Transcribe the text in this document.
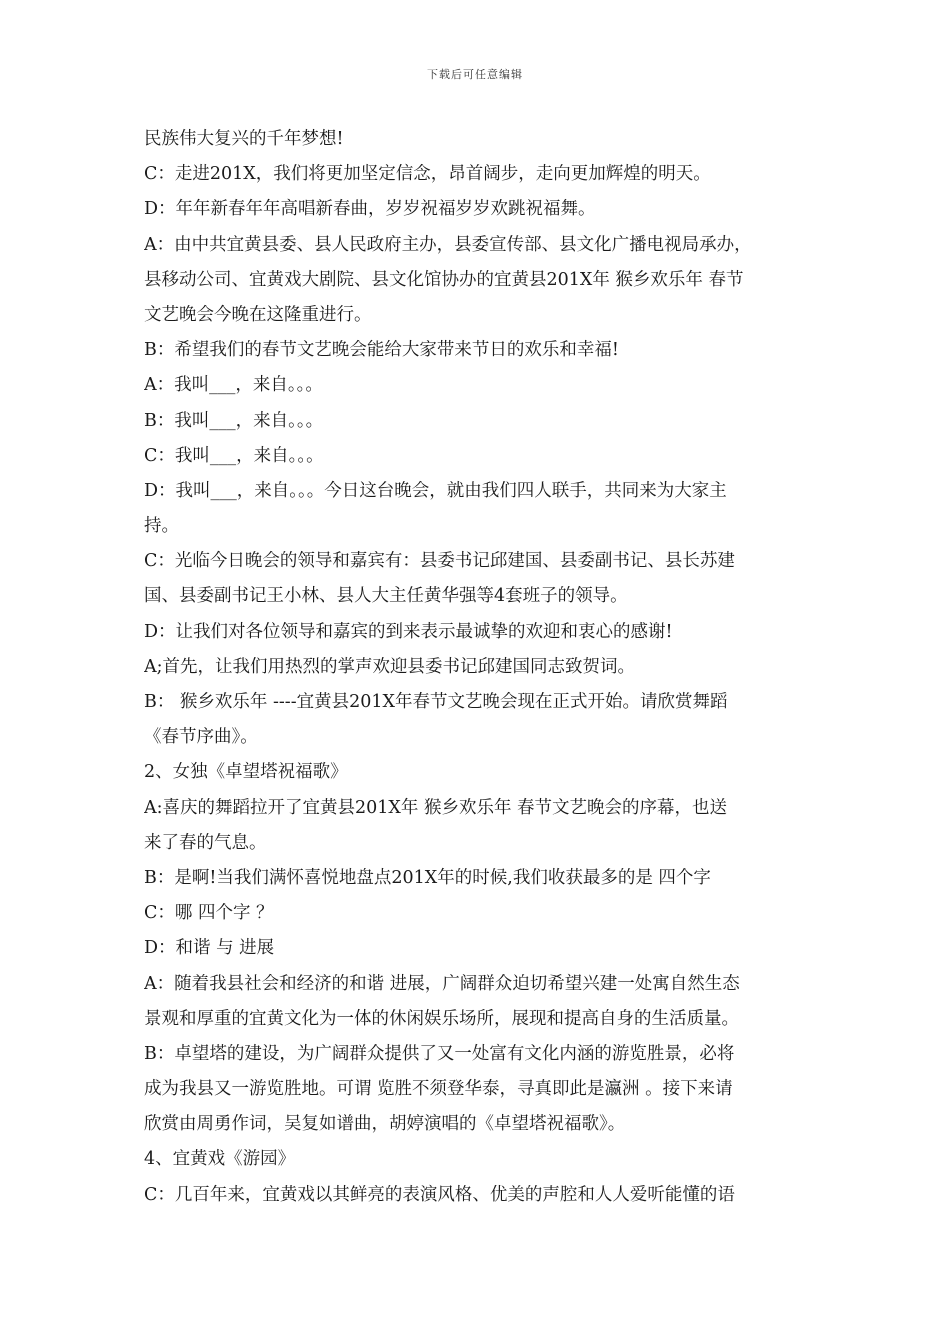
下载后可任意编辑
民族伟大复兴的千年梦想!
C：走进201X，我们将更加坚定信念，昂首阔步，走向更加辉煌的明天。
D：年年新春年年高唱新春曲，岁岁祝福岁岁欢跳祝福舞。
A：由中共宜黄县委、县人民政府主办，县委宣传部、县文化广播电视局承办，
县移动公司、宜黄戏大剧院、县文化馆协办的宜黄县201X年 猴乡欢乐年 春节
文艺晚会今晚在这隆重进行。
B：希望我们的春节文艺晚会能给大家带来节日的欢乐和幸福!
A：我叫___，来自。。。
B：我叫___，来自。。。
C：我叫___，来自。。。
D：我叫___，来自。。。今日这台晚会，就由我们四人联手，共同来为大家主
持。
C：光临今日晚会的领导和嘉宾有：县委书记邱建国、县委副书记、县长苏建
国、县委副书记王小林、县人大主任黄华强等4套班子的领导。
D：让我们对各位领导和嘉宾的到来表示最诚挚的欢迎和衷心的感谢!
A;首先，让我们用热烈的掌声欢迎县委书记邱建国同志致贺词。
B： 猴乡欢乐年 ----宜黄县201X年春节文艺晚会现在正式开始。请欣赏舞蹈
《春节序曲》。
2、女独《卓望塔祝福歌》
A:喜庆的舞蹈拉开了宜黄县201X年 猴乡欢乐年 春节文艺晚会的序幕，也送
来了春的气息。
B：是啊!当我们满怀喜悦地盘点201X年的时候,我们收获最多的是 四个字
C：哪 四个字 ？
D：和谐 与 进展
A：随着我县社会和经济的和谐 进展，广阔群众迫切希望兴建一处寓自然生态
景观和厚重的宜黄文化为一体的休闲娱乐场所，展现和提高自身的生活质量。
B：卓望塔的建设，为广阔群众提供了又一处富有文化内涵的游览胜景，必将
成为我县又一游览胜地。可谓 览胜不须登华泰，寻真即此是瀛洲 。接下来请
欣赏由周勇作词，吴复如谱曲，胡婷演唱的《卓望塔祝福歌》。
4、宜黄戏《游园》
C：几百年来，宜黄戏以其鲜亮的表演风格、优美的声腔和人人爱听能懂的语
